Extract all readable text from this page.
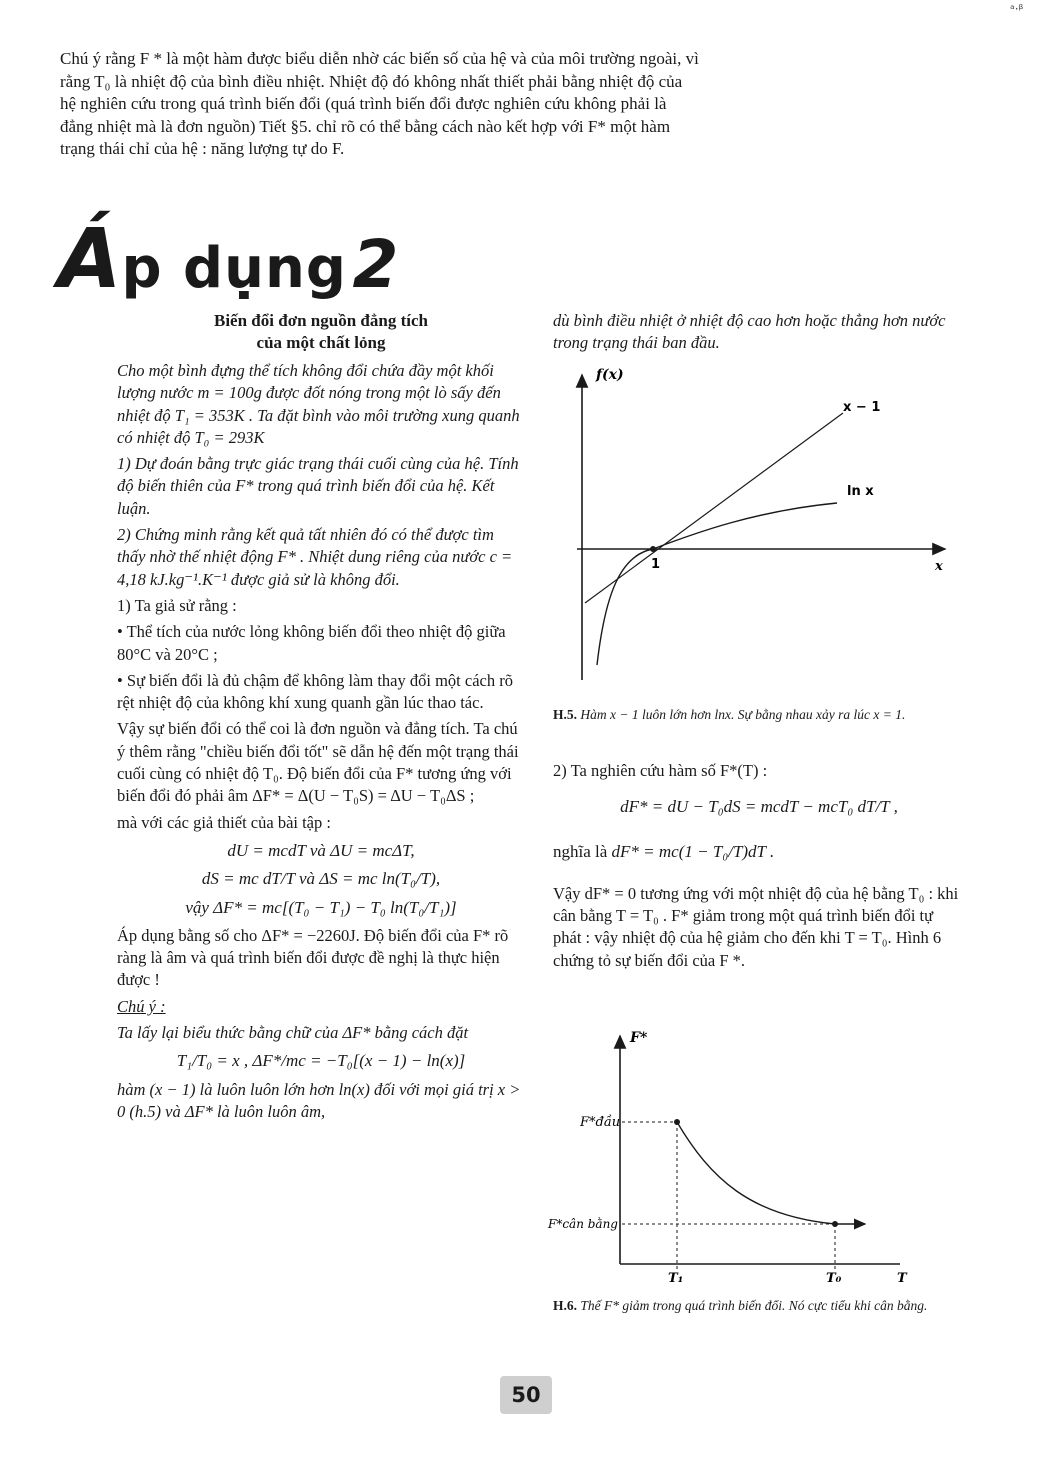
ᵃ·ᵝ
Chú ý rằng F * là một hàm được biểu diễn nhờ các biến số của hệ và của môi trường ngoài, vì rằng T₀ là nhiệt độ của bình điều nhiệt. Nhiệt độ đó không nhất thiết phải bằng nhiệt độ của hệ nghiên cứu trong quá trình biến đổi (quá trình biến đổi được nghiên cứu không phải là đẳng nhiệt mà là đơn nguồn) Tiết §5. chỉ rõ có thể bằng cách nào kết hợp với F* một hàm trạng thái chỉ của hệ : năng lượng tự do F.
Áp dụng 2
Biến đổi đơn nguồn đẳng tích
của một chất lỏng

Cho một bình đựng thể tích không đổi chứa đầy một khối lượng nước m = 100g được đốt nóng trong một lò sấy đến nhiệt độ T₁ = 353K . Ta đặt bình vào môi trường xung quanh có nhiệt độ T₀ = 293K

1) Dự đoán bằng trực giác trạng thái cuối cùng của hệ. Tính độ biến thiên của F* trong quá trình biến đổi của hệ. Kết luận.

2) Chứng minh rằng kết quả tất nhiên đó có thể được tìm thấy nhờ thế nhiệt động F* . Nhiệt dung riêng của nước c = 4,18 kJ.kg⁻¹.K⁻¹ được giả sử là không đổi.

1) Ta giả sử rằng :

• Thể tích của nước lỏng không biến đổi theo nhiệt độ giữa 80°C và 20°C ;

• Sự biến đổi là đủ chậm để không làm thay đổi một cách rõ rệt nhiệt độ của không khí xung quanh gần lúc thao tác.

Vậy sự biến đổi có thể coi là đơn nguồn và đẳng tích. Ta chú ý thêm rằng "chiều biến đổi tốt" sẽ dẫn hệ đến một trạng thái cuối cùng có nhiệt độ T₀. Độ biến đổi của F* tương ứng với biến đổi đó phải âm ΔF* = Δ(U − T₀S) = ΔU − T₀ΔS ;

mà với các giả thiết của bài tập :

dU = mcdT và ΔU = mcΔT,
dS = mc dT/T và ΔS = mc ln(T₀/T),
vậy ΔF* = mc[(T₀ − T₁) − T₀ ln(T₀/T₁)]

Áp dụng bằng số cho ΔF* = −2260J. Độ biến đổi của F* rõ ràng là âm và quá trình biến đổi được đề nghị là thực hiện được !

Chú ý :

Ta lấy lại biểu thức bằng chữ của ΔF* bằng cách đặt

T₁/T₀ = x , ΔF*/mc = −T₀[(x − 1) − ln(x)]

hàm (x − 1) là luôn luôn lớn hơn ln(x) đối với mọi giá trị x > 0 (h.5) và ΔF* là luôn luôn âm,

dù bình điều nhiệt ở nhiệt độ cao hơn hoặc thẳng hơn nước trong trạng thái ban đầu.

f(x)
x
x − 1
ln x
1
H.5. Hàm x − 1 luôn lớn hơn lnx. Sự bằng nhau xảy ra lúc x = 1.

2) Ta nghiên cứu hàm số F*(T) :

dF* = dU − T₀dS = mcdT − mcT₀ dT/T ,
nghĩa là dF* = mc(1 − T₀/T)dT .

Vậy dF* = 0 tương ứng với một nhiệt độ của hệ bằng T₀ : khi cân bằng T = T₀ . F* giảm trong một quá trình biến đổi tự phát : vậy nhiệt độ của hệ giảm cho đến khi T = T₀. Hình 6 chứng tỏ sự biến đổi của F *.

F*
T
F*đầu
F*cân bằng
T₁	T₀
H.6. Thế F* giảm trong quá trình biến đổi. Nó cực tiểu khi cân bằng.
50
